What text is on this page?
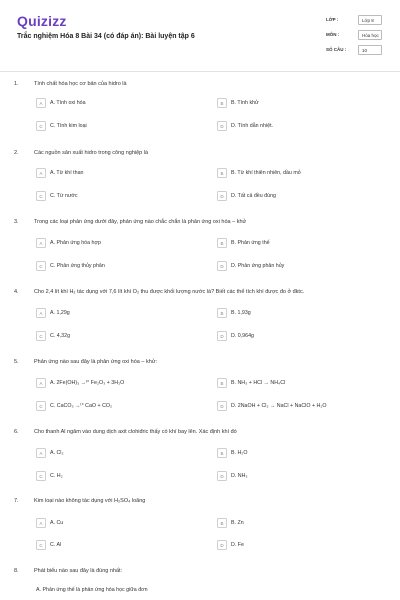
Quizizz
Trắc nghiệm Hóa 8 Bài 34 (có đáp án): Bài luyện tập 6
LỚP :	Lớp 8
MÔN :	Hóa học
SỐ CÂU :	10
1.	Tính chất hóa học cơ bản của hidro là
A	A. Tính oxi hóa	B	B. Tính khử
C	C. Tính kim loại	D	D. Tính dẫn nhiệt.
2.	Các nguồn sản xuất hidro trong công nghiệp là
A	A. Từ khí than	B	B. Từ khí thiên nhiên, dầu mỏ
C	C. Từ nước	D	D. Tất cả đều đúng
3.	Trong các loại phản ứng dưới đây, phản ứng nào chắc chắn là phản ứng oxi hóa – khử
A	A. Phản ứng hóa hợp	B	B. Phản ứng thế
C	C. Phản ứng thủy phân	D	D. Phản ứng phân hủy
4.	Cho 2,4 lít khí H₂ tác dụng với 7,6 lít khí O₂ thu được khối lượng nước là? Biết các thể tích khí được đo ở đktc.
A	A. 1,29g	B	B. 1,93g
C	C. 4,32g	D	D. 0,964g
5.	Phản ứng nào sau đây là phản ứng oxi hóa – khử:
A	A. 2Fe(OH)₃ →ᵗ° Fe₂O₃ + 3H₂O	B	B. NH₃ + HCl → NH₄Cl
C	C. CaCO₃ →ᵗ° CaO + CO₂	D	D. 2NaOH + Cl₂ → NaCl + NaClO + H₂O
6.	Cho thanh Al ngâm vào dung dịch axit clohiđric thấy có khí bay lên. Xác định khí đó
A	A. Cl₂	B	B. H₂O
C	C. H₂	D	D. NH₃
7.	Kim loại nào không tác dụng với H₂SO₄ loãng
A	A. Cu	B	B. Zn
C	C. Al	D	D. Fe
8.	Phát biểu nào sau đây là đúng nhất:
A. Phản ứng thế là phản ứng hóa học giữa đơn
